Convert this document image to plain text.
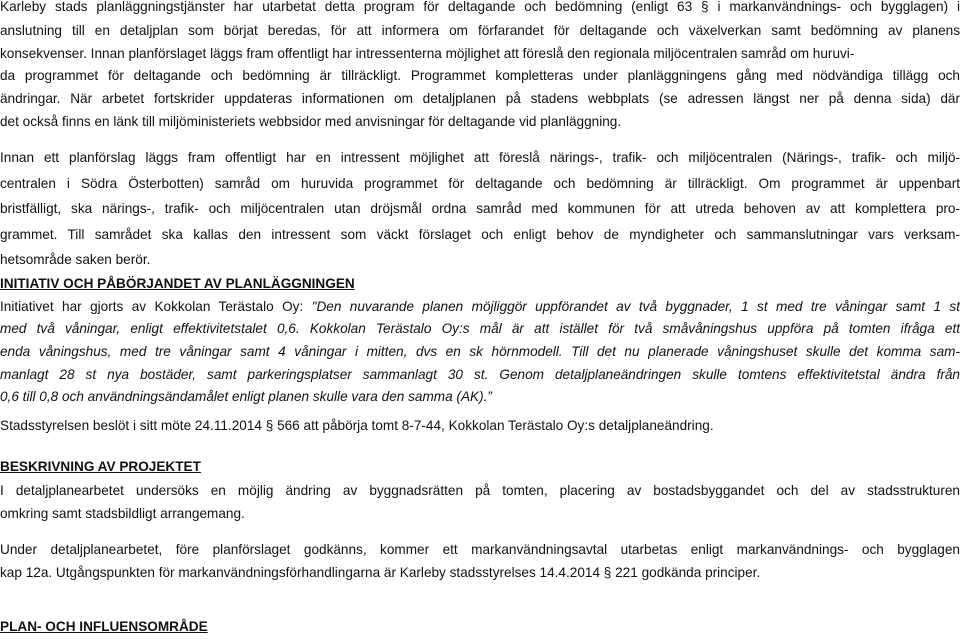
Karleby stads planläggningstjänster har utarbetat detta program för deltagande och bedömning (enligt 63 § i markanvändnings- och bygglagen) i
anslutning till en detaljplan som börjat beredas, för att informera om förfarandet för deltagande och växelverkan samt bedömning av planens
konsekvenser. Innan planförslaget läggs fram offentligt har intressenterna möjlighet att föreslå den regionala miljöcentralen samråd om huruvi-
da programmet för deltagande och bedömning är tillräckligt. Programmet kompletteras under planläggningens gång med nödvändiga tillägg och
ändringar. När arbetet fortskrider uppdateras informationen om detaljplanen på stadens webbplats (se adressen längst ner på denna sida) där
det också finns en länk till miljöministeriets webbsidor med anvisningar för deltagande vid planläggning.
Innan ett planförslag läggs fram offentligt har en intressent möjlighet att föreslå närings-, trafik- och miljöcentralen (Närings-, trafik- och miljö-
centralen i Södra Österbotten) samråd om huruvida programmet för deltagande och bedömning är tillräckligt. Om programmet är uppenbart
bristfälligt, ska närings-, trafik- och miljöcentralen utan dröjsmål ordna samråd med kommunen för att utreda behoven av att komplettera pro-
grammet. Till samrådet ska kallas den intressent som väckt förslaget och enligt behov de myndigheter och sammanslutningar vars verksam-
hetsområde saken berör.
INITIATIV OCH PÅBÖRJANDET AV PLANLÄGGNINGEN
Initiativet har gjorts av Kokkolan Terästalo Oy: "Den nuvarande planen möjliggör uppförandet av två byggnader, 1 st med tre våningar samt 1 st
med två våningar, enligt effektivitetstalet 0,6. Kokkolan Terästalo Oy:s mål är att istället för två småvåningshus uppföra på tomten ifråga ett
enda våningshus, med tre våningar samt 4 våningar i mitten, dvs en sk hörnmodell. Till det nu planerade våningshuset skulle det komma sam-
manlagt 28 st nya bostäder, samt parkeringsplatser sammanlagt 30 st. Genom detaljplaneändringen skulle tomtens effektivitetstal ändra från
0,6 till 0,8 och användningsändamålet enligt planen skulle vara den samma (AK).”
Stadsstyrelsen beslöt i sitt möte 24.11.2014 § 566 att påbörja tomt 8-7-44, Kokkolan Terästalo Oy:s detaljplaneändring.
BESKRIVNING AV PROJEKTET
I detaljplanearbetet undersöks en möjlig ändring av byggnadsrätten på tomten, placering av bostadsbyggandet och del av stadsstrukturen
omkring samt stadsbildligt arrangemang.
Under detaljplanearbetet, före planförslaget godkänns, kommer ett markanvändningsavtal utarbetas enligt markanvändnings- och bygglagen
kap 12a. Utgångspunkten för markanvändningsförhandlingarna är Karleby stadsstyrelses 14.4.2014 § 221 godkända principer.
PLAN- OCH INFLUENSOMRÅDE
